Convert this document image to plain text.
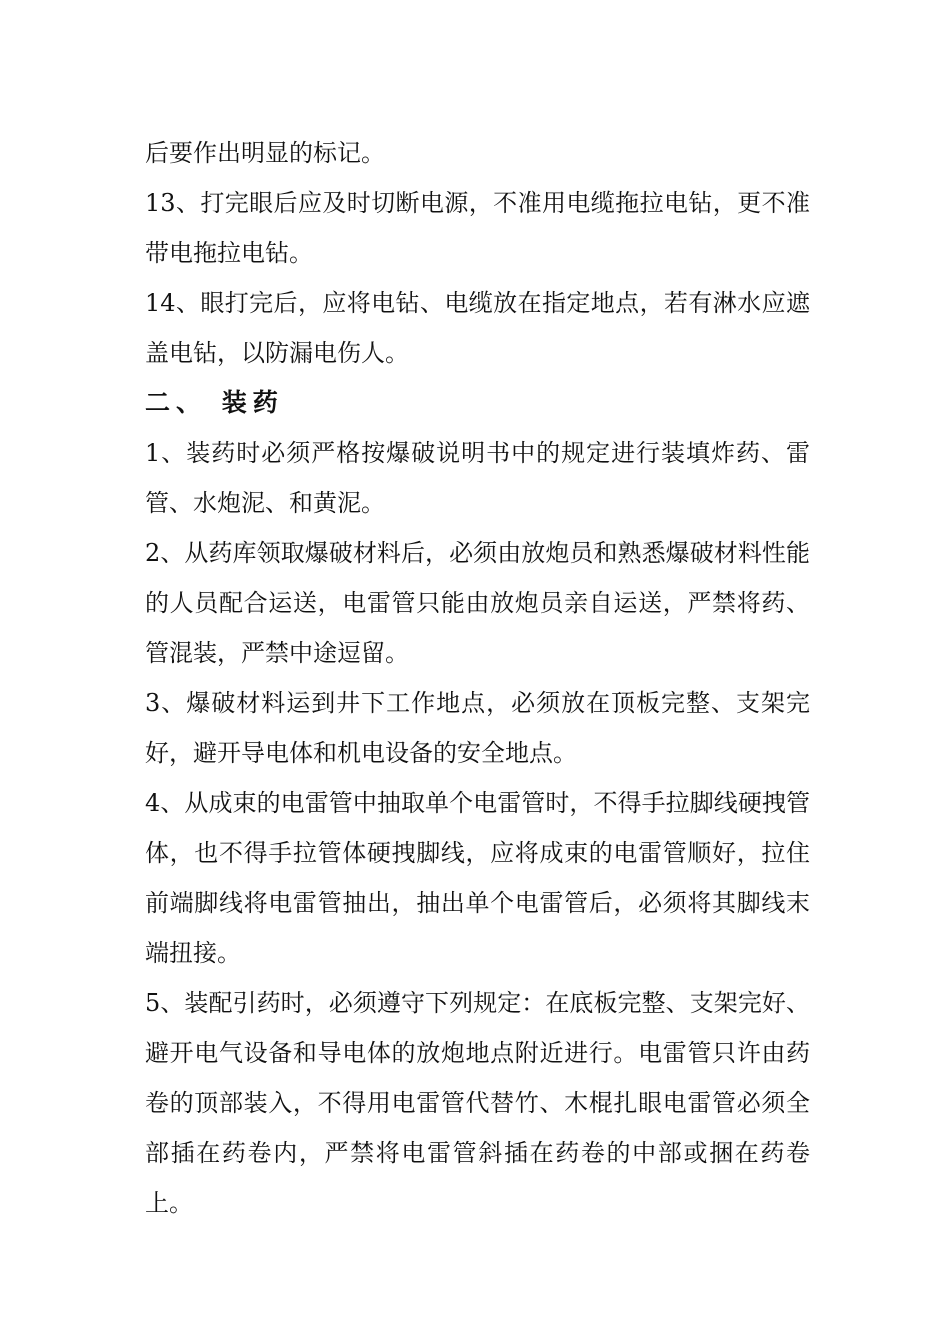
后要作出明显的标记。

13、打完眼后应及时切断电源，不准用电缆拖拉电钻，更不准带电拖拉电钻。

14、眼打完后，应将电钻、电缆放在指定地点，若有淋水应遮盖电钻，以防漏电伤人。

二、 装药

1、装药时必须严格按爆破说明书中的规定进行装填炸药、雷管、水炮泥、和黄泥。

2、从药库领取爆破材料后，必须由放炮员和熟悉爆破材料性能的人员配合运送，电雷管只能由放炮员亲自运送，严禁将药、管混装，严禁中途逗留。

3、爆破材料运到井下工作地点，必须放在顶板完整、支架完好，避开导电体和机电设备的安全地点。

4、从成束的电雷管中抽取单个电雷管时，不得手拉脚线硬拽管体，也不得手拉管体硬拽脚线，应将成束的电雷管顺好，拉住前端脚线将电雷管抽出，抽出单个电雷管后，必须将其脚线末端扭接。

5、装配引药时，必须遵守下列规定：在底板完整、支架完好、避开电气设备和导电体的放炮地点附近进行。电雷管只许由药卷的顶部装入，不得用电雷管代替竹、木棍扎眼电雷管必须全部插在药卷内，严禁将电雷管斜插在药卷的中部或捆在药卷上。
